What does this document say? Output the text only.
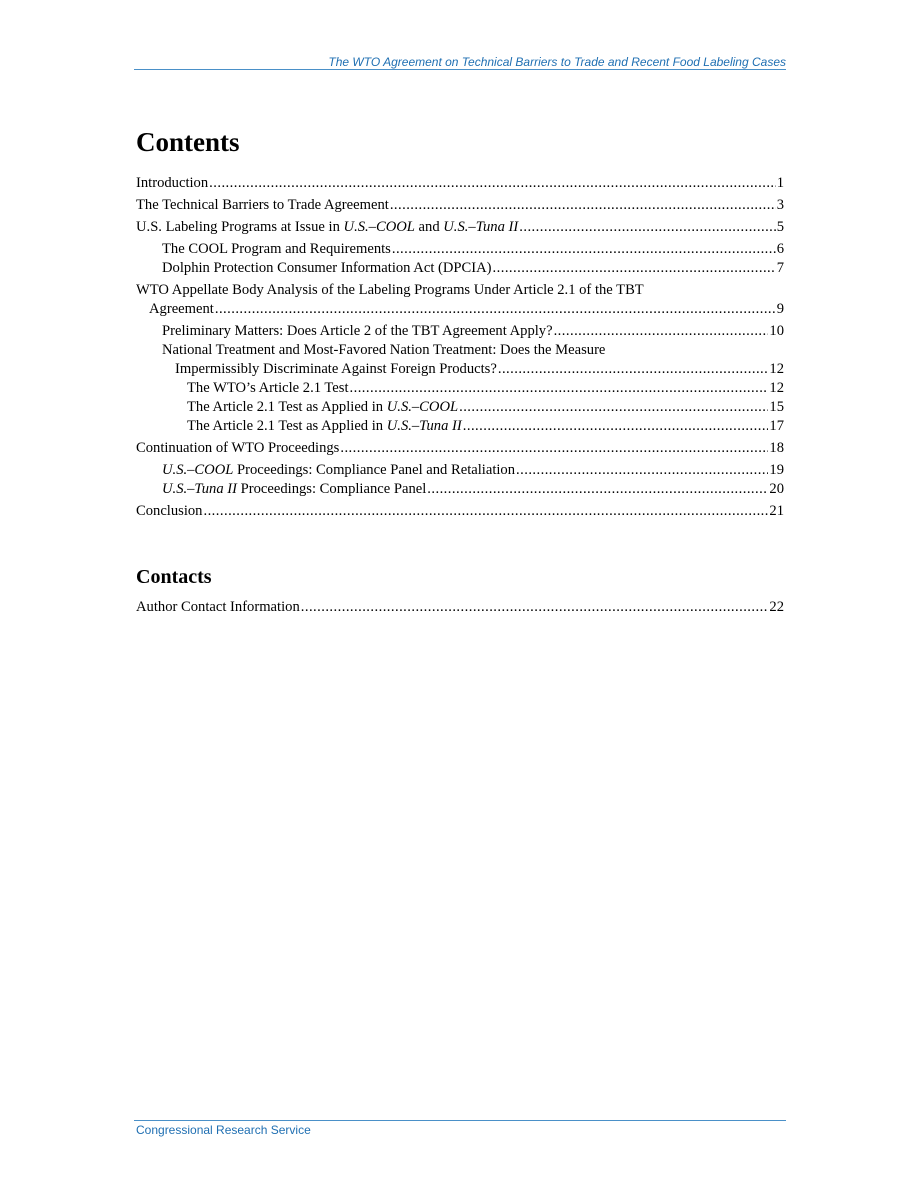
The WTO Agreement on Technical Barriers to Trade and Recent Food Labeling Cases
Contents
Introduction . . .	1
The Technical Barriers to Trade Agreement . . .	3
U.S. Labeling Programs at Issue in U.S.–COOL and U.S.–Tuna II . . .	5
The COOL Program and Requirements . . .	6
Dolphin Protection Consumer Information Act (DPCIA) . . .	7
WTO Appellate Body Analysis of the Labeling Programs Under Article 2.1 of the TBT
Agreement . . .	9
Preliminary Matters: Does Article 2 of the TBT Agreement Apply? . . .	10
National Treatment and Most-Favored Nation Treatment: Does the Measure
Impermissibly Discriminate Against Foreign Products? . . .	12
The WTO’s Article 2.1 Test . . .	12
The Article 2.1 Test as Applied in U.S.–COOL . . .	15
The Article 2.1 Test as Applied in U.S.–Tuna II . . .	17
Continuation of WTO Proceedings . . .	18
U.S.–COOL Proceedings: Compliance Panel and Retaliation . . .	19
U.S.–Tuna II Proceedings: Compliance Panel . . .	20
Conclusion . . .	21
Contacts
Author Contact Information . . .	22
Congressional Research Service
